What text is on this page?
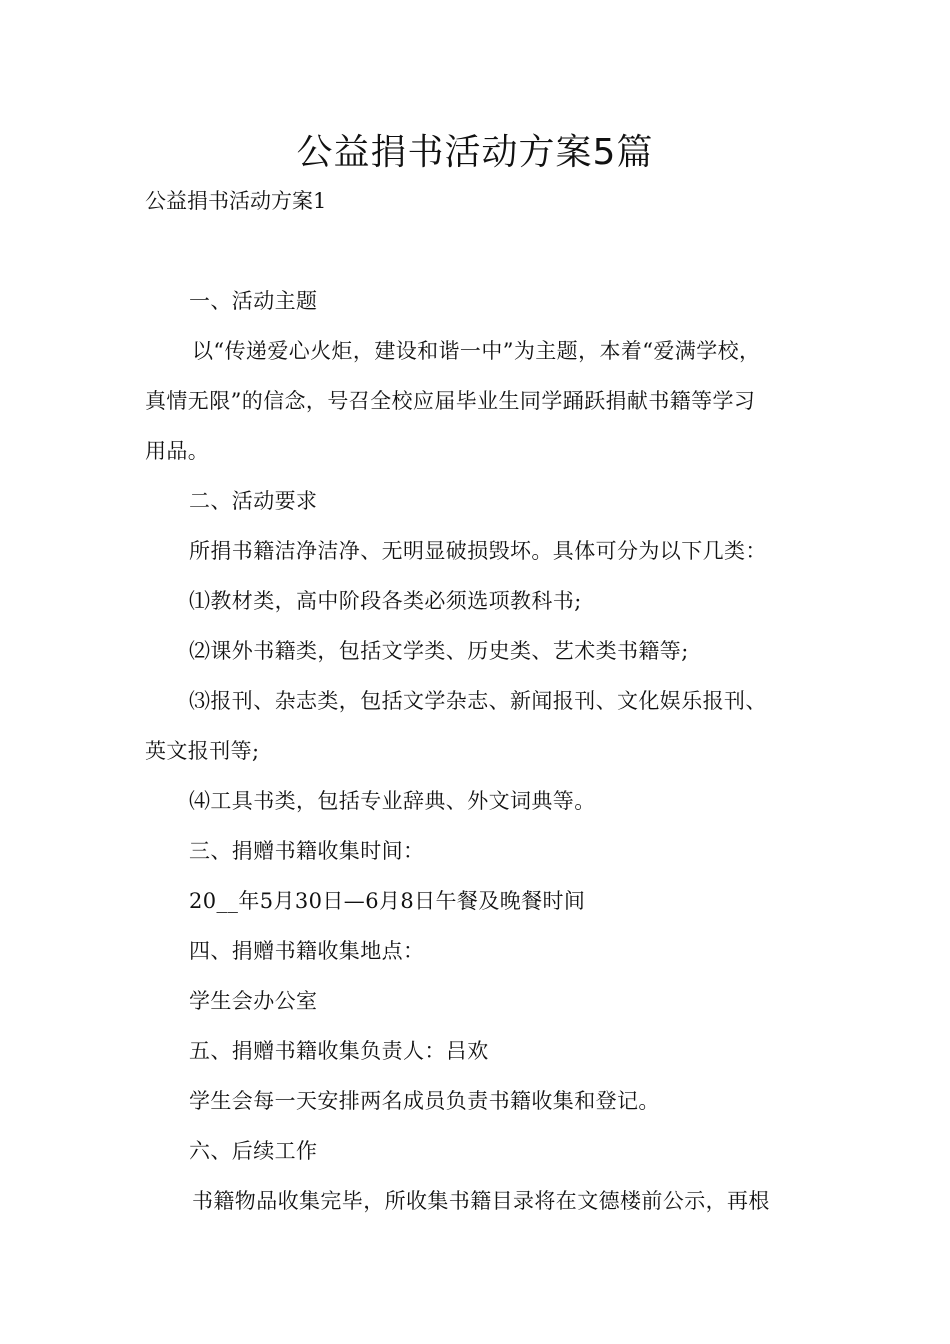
公益捐书活动方案5篇
公益捐书活动方案1
一、活动主题
以“传递爱心火炬，建设和谐一中”为主题，本着“爱满学校，
真情无限”的信念，号召全校应届毕业生同学踊跃捐献书籍等学习
用品。
二、活动要求
所捐书籍洁净洁净、无明显破损毁坏。具体可分为以下几类：
⑴教材类，高中阶段各类必须选项教科书;
⑵课外书籍类，包括文学类、历史类、艺术类书籍等;
⑶报刊、杂志类，包括文学杂志、新闻报刊、文化娱乐报刊、
英文报刊等;
⑷工具书类，包括专业辞典、外文词典等。
三、捐赠书籍收集时间：
20__年5月30日—6月8日午餐及晚餐时间
四、捐赠书籍收集地点：
学生会办公室
五、捐赠书籍收集负责人：吕欢
学生会每一天安排两名成员负责书籍收集和登记。
六、后续工作
书籍物品收集完毕，所收集书籍目录将在文德楼前公示，再根
